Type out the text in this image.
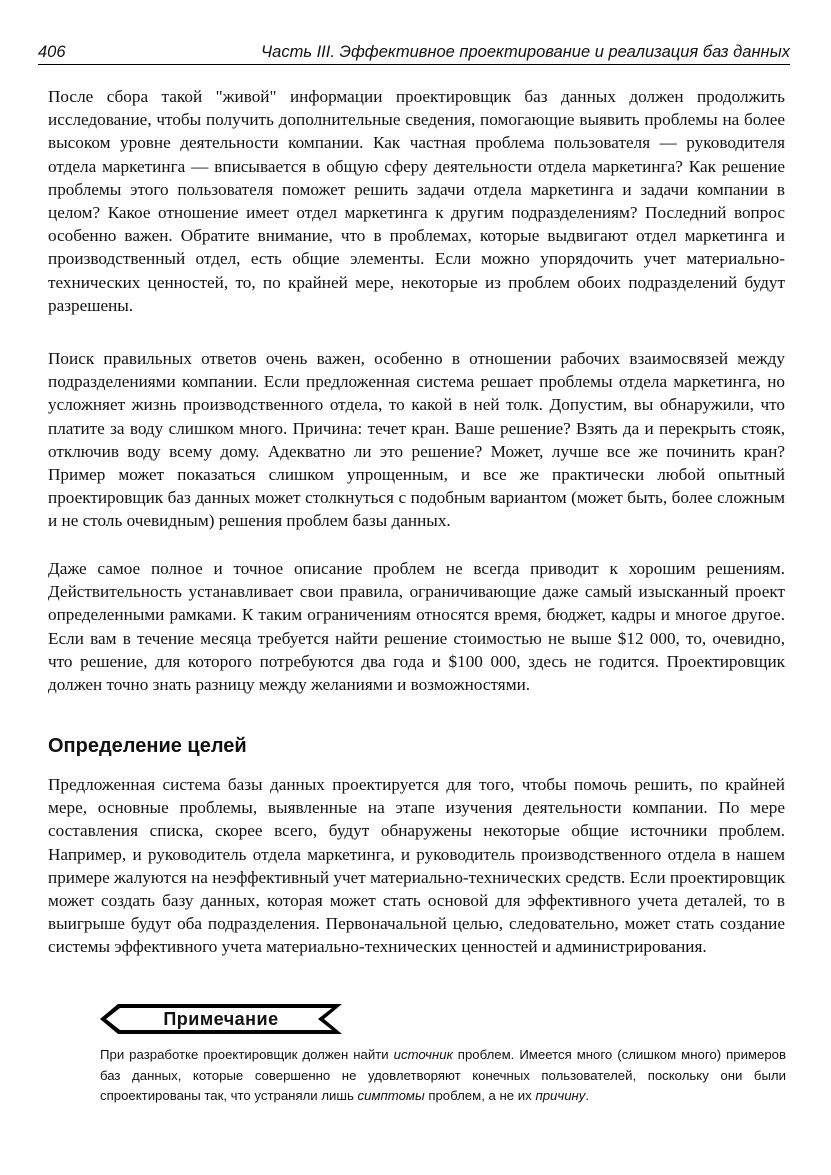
406	Часть III. Эффективное проектирование и реализация баз данных

После сбора такой "живой" информации проектировщик баз данных должен продолжить исследование, чтобы получить дополнительные сведения, помогающие выявить проблемы на более высоком уровне деятельности компании. Как частная проблема пользователя — руководителя отдела маркетинга — вписывается в общую сферу деятельности отдела маркетинга? Как решение проблемы этого пользователя поможет решить задачи отдела маркетинга и задачи компании в целом? Какое отношение имеет отдел маркетинга к другим подразделениям? Последний вопрос особенно важен. Обратите внимание, что в проблемах, которые выдвигают отдел маркетинга и производственный отдел, есть общие элементы. Если можно упорядочить учет материально-технических ценностей, то, по крайней мере, некоторые из проблем обоих подразделений будут разрешены.

Поиск правильных ответов очень важен, особенно в отношении рабочих взаимосвязей между подразделениями компании. Если предложенная система решает проблемы отдела маркетинга, но усложняет жизнь производственного отдела, то какой в ней толк. Допустим, вы обнаружили, что платите за воду слишком много. Причина: течет кран. Ваше решение? Взять да и перекрыть стояк, отключив воду всему дому. Адекватно ли это решение? Может, лучше все же починить кран? Пример может показаться слишком упрощенным, и все же практически любой опытный проектировщик баз данных может столкнуться с подобным вариантом (может быть, более сложным и не столь очевидным) решения проблем базы данных.

Даже самое полное и точное описание проблем не всегда приводит к хорошим решениям. Действительность устанавливает свои правила, ограничивающие даже самый изысканный проект определенными рамками. К таким ограничениям относятся время, бюджет, кадры и многое другое. Если вам в течение месяца требуется найти решение стоимостью не выше $12 000, то, очевидно, что решение, для которого потребуются два года и $100 000, здесь не годится. Проектировщик должен точно знать разницу между желаниями и возможностями.

Определение целей

Предложенная система базы данных проектируется для того, чтобы помочь решить, по крайней мере, основные проблемы, выявленные на этапе изучения деятельности компании. По мере составления списка, скорее всего, будут обнаружены некоторые общие источники проблем. Например, и руководитель отдела маркетинга, и руководитель производственного отдела в нашем примере жалуются на неэффективный учет материально-технических средств. Если проектировщик может создать базу данных, которая может стать основой для эффективного учета деталей, то в выигрыше будут оба подразделения. Первоначальной целью, следовательно, может стать создание системы эффективного учета материально-технических ценностей и администрирования.

Примечание

При разработке проектировщик должен найти источник проблем. Имеется много (слишком много) примеров баз данных, которые совершенно не удовлетворяют конечных пользователей, поскольку они были спроектированы так, что устраняли лишь симптомы проблем, а не их причину.
